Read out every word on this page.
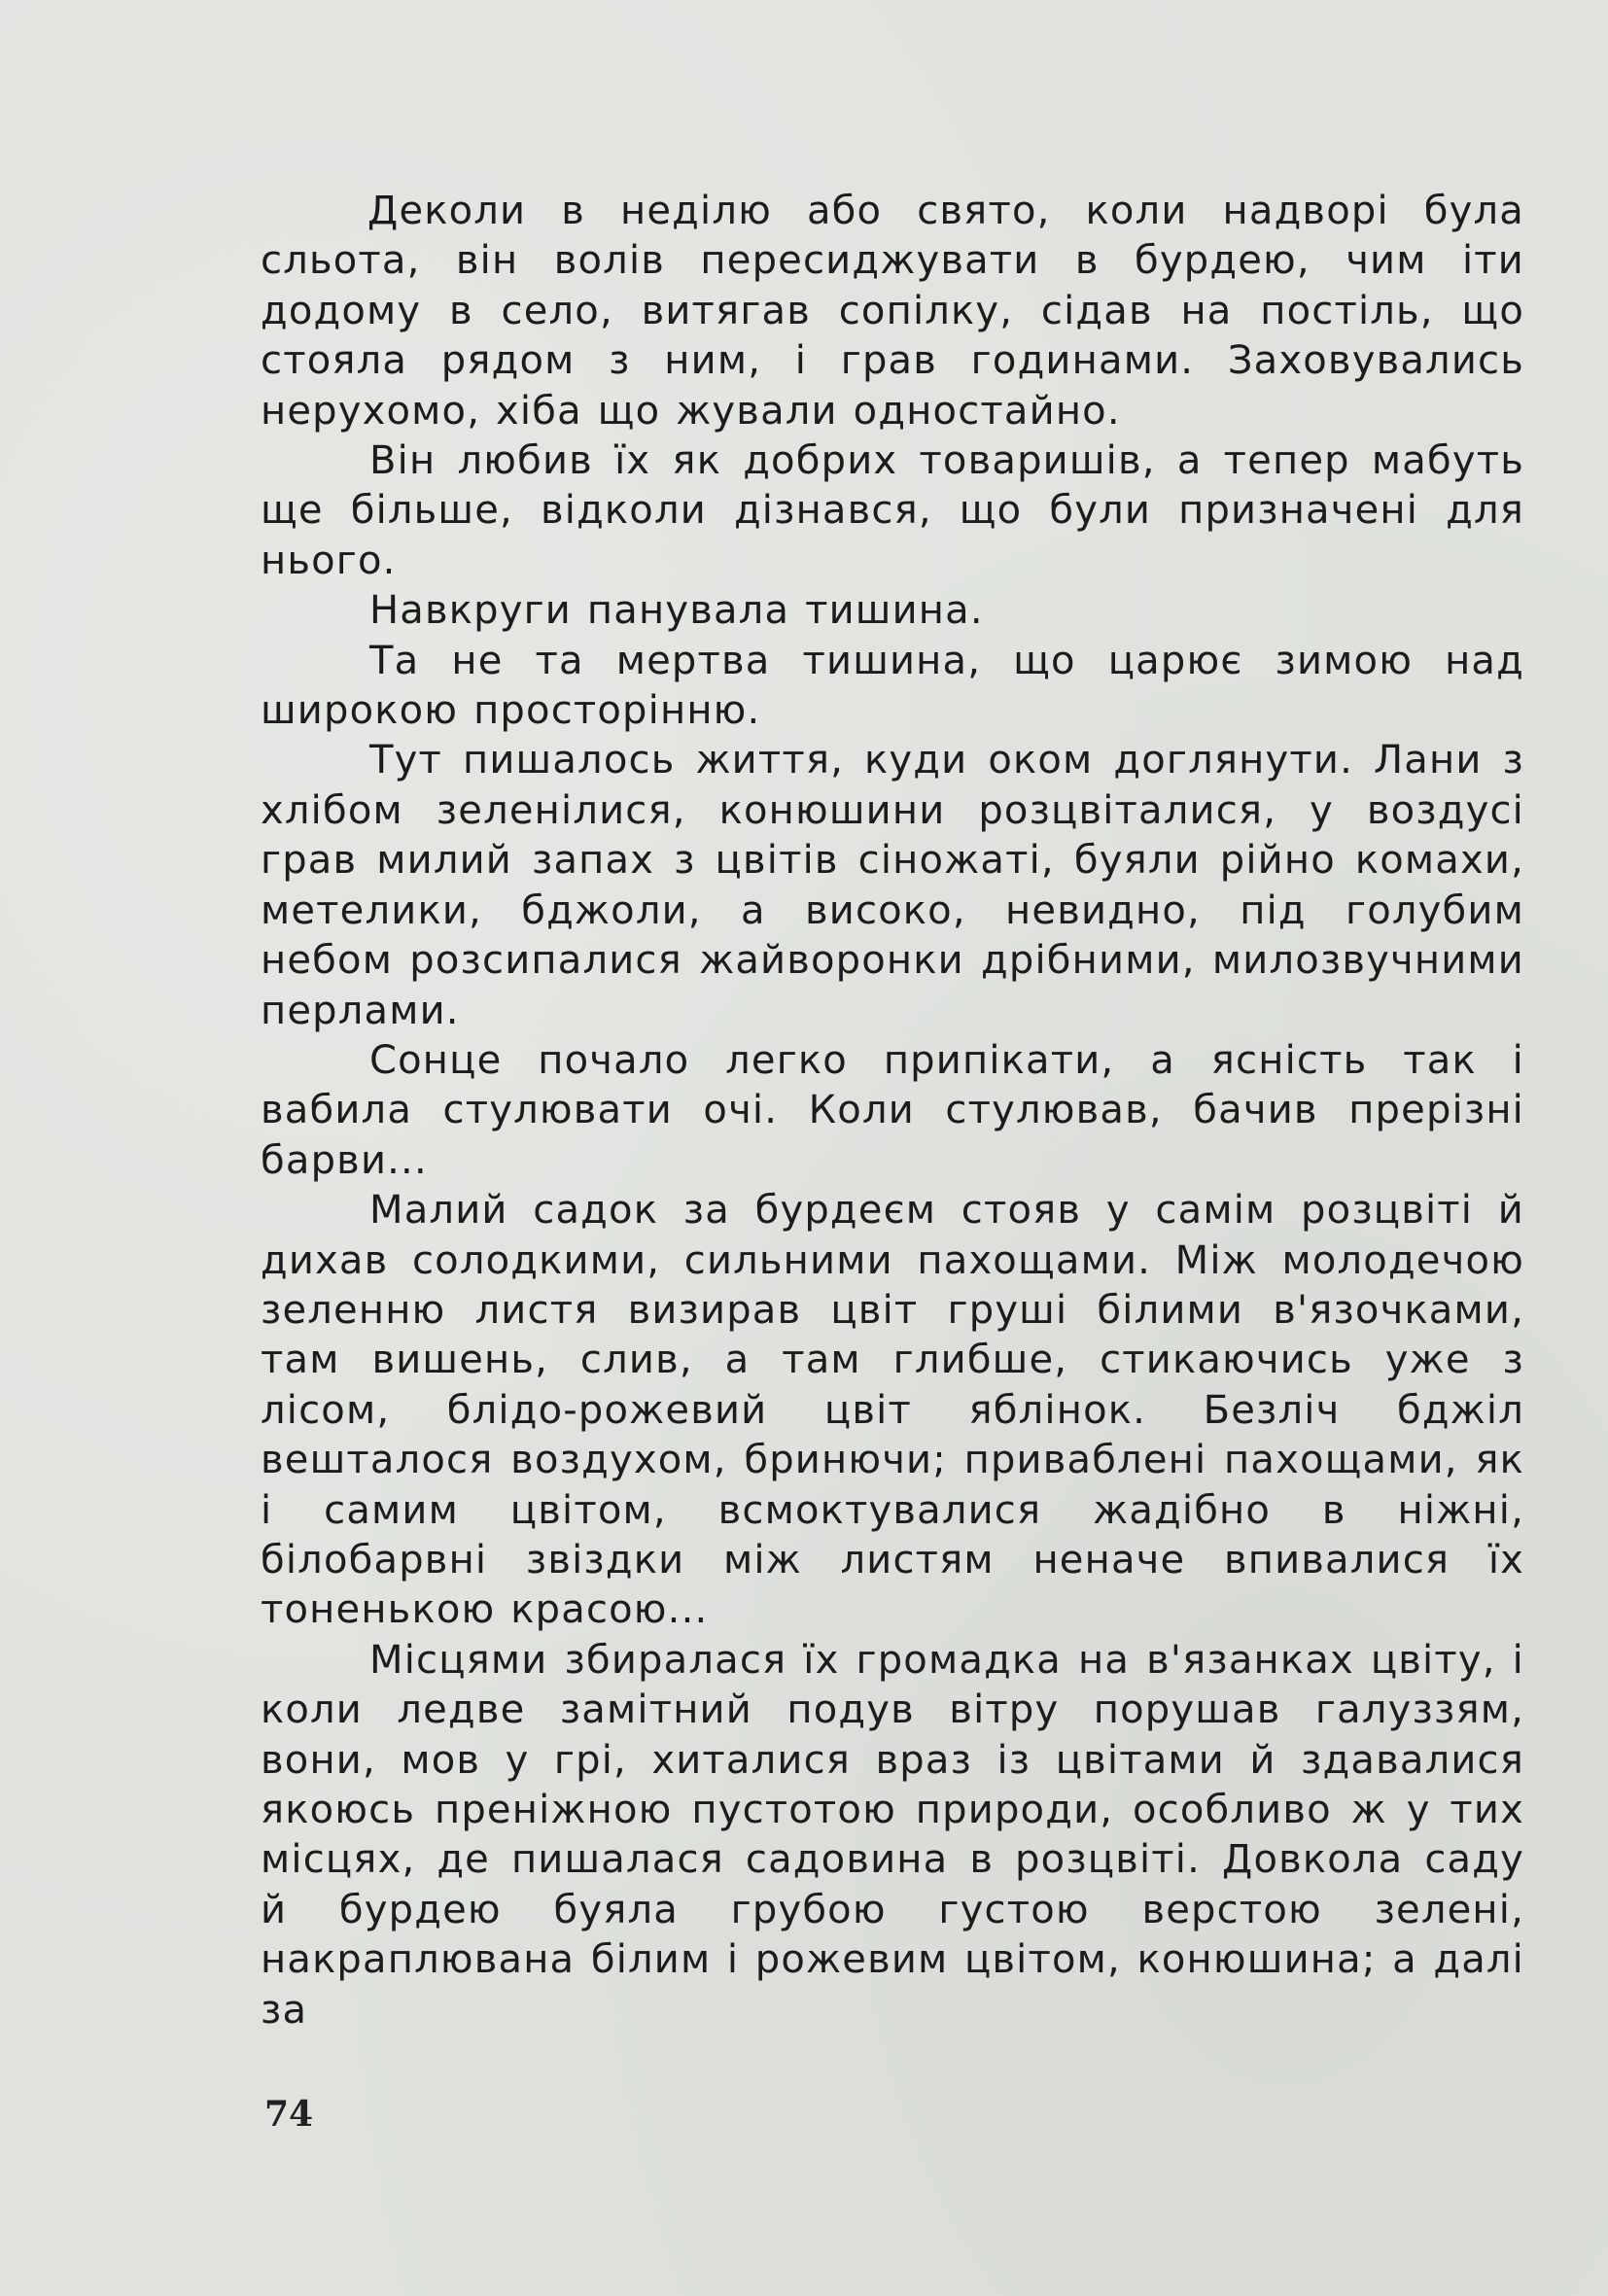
Деколи в неділю або свято, коли надворі була сльота, він волів пересиджувати в бурдею, чим іти додому в село, витягав сопілку, сідав на постіль, що стояла рядом з ним, і грав годинами. Заховувались нерухомо, хіба що жували одностайно.

Він любив їх як добрих товаришів, а тепер мабуть ще більше, відколи дізнався, що були призначені для нього.

Навкруги панувала тишина.

Та не та мертва тишина, що царює зимою над широкою просторінню.

Тут пишалось життя, куди оком доглянути. Лани з хлібом зеленілися, конюшини розцвіталися, у воздусі грав милий запах з цвітів сіножаті, буяли рійно комахи, метелики, бджоли, а високо, невидно, під голубим небом розсипалися жайворонки дрібними, милозвучними перлами.

Сонце почало легко припікати, а ясність так і вабила стулювати очі. Коли стулював, бачив прерізні барви...

Малий садок за бурдеєм стояв у самім розцвіті й дихав солодкими, сильними пахощами. Між молодечою зеленню листя визирав цвіт груші білими в'язочками, там вишень, слив, а там глибше, стикаючись уже з лісом, блідо-рожевий цвіт яблінок. Безліч бджіл вешталося воздухом, бринючи; приваблені пахощами, як і самим цвітом, всмоктувалися жадібно в ніжні, білобарвні звіздки між листям неначе впивалися їх тоненькою красою...

Місцями збиралася їх громадка на в'язанках цвіту, і коли ледве замітний подув вітру порушав галуззям, вони, мов у грі, хиталися враз із цвітами й здавалися якоюсь преніжною пустотою природи, особливо ж у тих місцях, де пишалася садовина в розцвіті. Довкола саду й бурдею буяла грубою густою верстою зелені, накраплювана білим і рожевим цвітом, конюшина; а далі за

74
